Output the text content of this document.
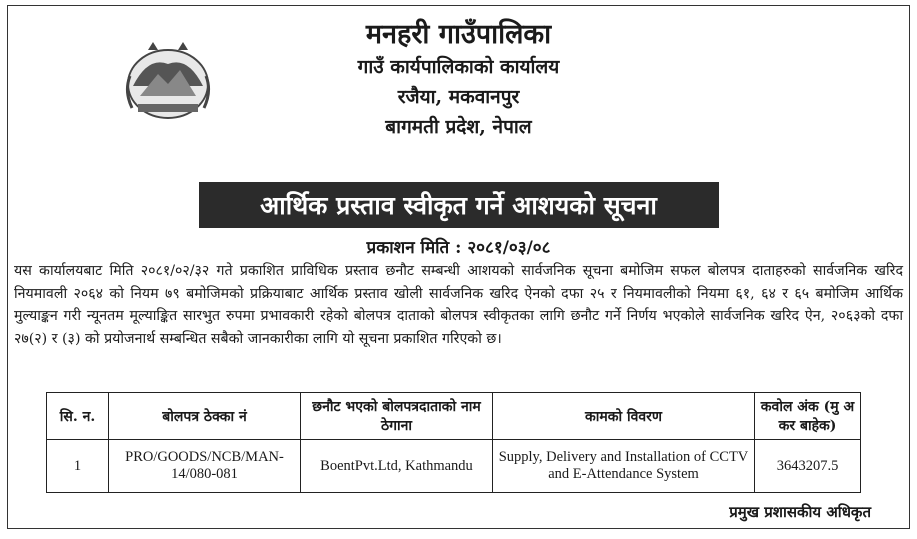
मनहरी गाउँपालिका
गाउँ कार्यपालिकाको कार्यालय
रजैया, मकवानपुर
बागमती प्रदेश, नेपाल
आर्थिक प्रस्ताव स्वीकृत गर्ने आशयको सूचना
प्रकाशन मिति : २०८१/०३/०८
यस कार्यालयबाट मिति २०८१/०२/३२ गते प्रकाशित प्राविधिक प्रस्ताव छनौट सम्बन्धी आशयको सार्वजनिक सूचना बमोजिम सफल बोलपत्र दाताहरुको सार्वजनिक खरिद नियमावली २०६४ को नियम ७९ बमोजिमको प्रक्रियाबाट आर्थिक प्रस्ताव खोली सार्वजनिक खरिद ऐनको दफा २५ र नियमावलीको नियमा ६१, ६४ र ६५ बमोजिम आर्थिक मुल्याङ्कन गरी न्यूनतम मूल्याङ्कित सारभुत रुपमा प्रभावकारी रहेको बोलपत्र दाताको बोलपत्र स्वीकृतका लागि छनौट गर्ने निर्णय भएकोले सार्वजनिक खरिद ऐन, २०६३को दफा २७(२) र (३) को प्रयोजनार्थ सम्बन्धित सबैको जानकारीका लागि यो सूचना प्रकाशित गरिएको छ।
सि. न.	बोलपत्र ठेक्का नं	छनौट भएको बोलपत्रदाताको नाम ठेगाना	कामको विवरण	कवोल अंक (मु अ कर बाहेक)
1	PRO/GOODS/NCB/MAN-14/080-081	BoentPvt.Ltd, Kathmandu	Supply, Delivery and Installation of CCTV and E-Attendance System	3643207.5
प्रमुख प्रशासकीय अधिकृत
